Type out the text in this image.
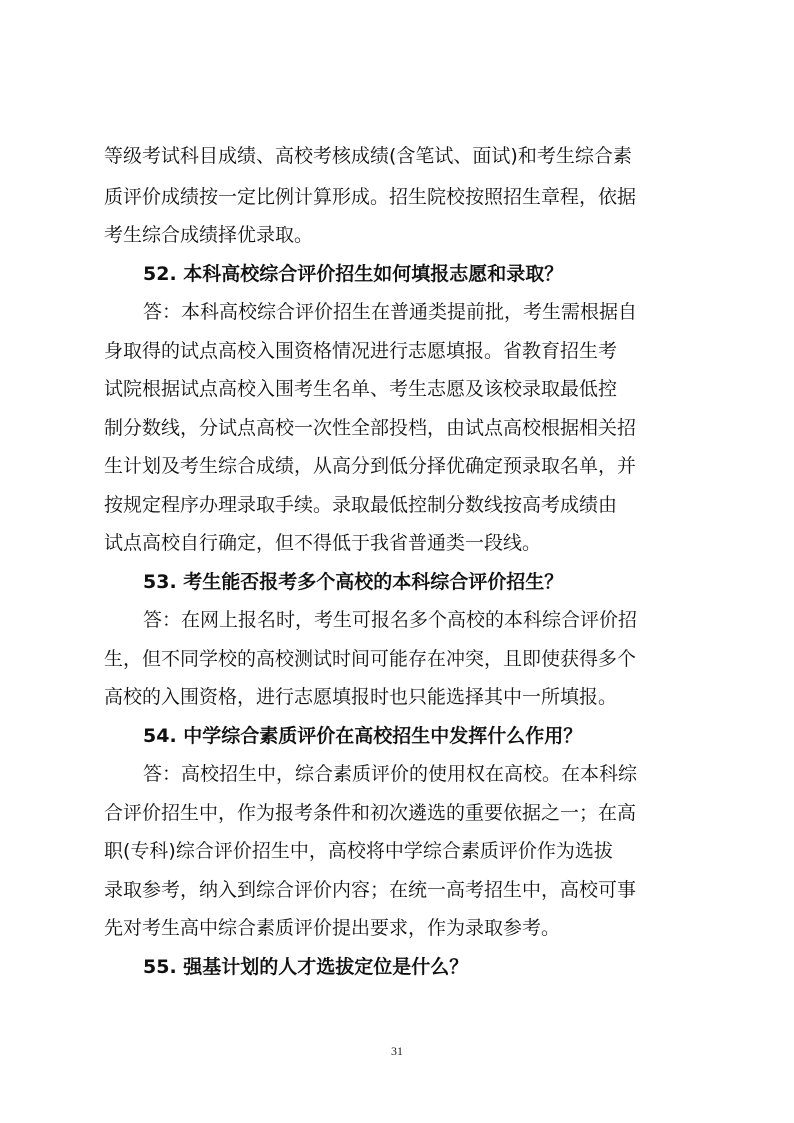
等级考试科目成绩、高校考核成绩(含笔试、面试)和考生综合素
质评价成绩按一定比例计算形成。招生院校按照招生章程，依据
考生综合成绩择优录取。
52. 本科高校综合评价招生如何填报志愿和录取？
答：本科高校综合评价招生在普通类提前批，考生需根据自
身取得的试点高校入围资格情况进行志愿填报。省教育招生考
试院根据试点高校入围考生名单、考生志愿及该校录取最低控
制分数线，分试点高校一次性全部投档，由试点高校根据相关招
生计划及考生综合成绩，从高分到低分择优确定预录取名单，并
按规定程序办理录取手续。录取最低控制分数线按高考成绩由
试点高校自行确定，但不得低于我省普通类一段线。
53. 考生能否报考多个高校的本科综合评价招生？
答：在网上报名时，考生可报名多个高校的本科综合评价招
生，但不同学校的高校测试时间可能存在冲突，且即使获得多个
高校的入围资格，进行志愿填报时也只能选择其中一所填报。
54. 中学综合素质评价在高校招生中发挥什么作用？
答：高校招生中，综合素质评价的使用权在高校。在本科综
合评价招生中，作为报考条件和初次遴选的重要依据之一；在高
职(专科)综合评价招生中，高校将中学综合素质评价作为选拔
录取参考，纳入到综合评价内容；在统一高考招生中，高校可事
先对考生高中综合素质评价提出要求，作为录取参考。
55. 强基计划的人才选拔定位是什么？
31
